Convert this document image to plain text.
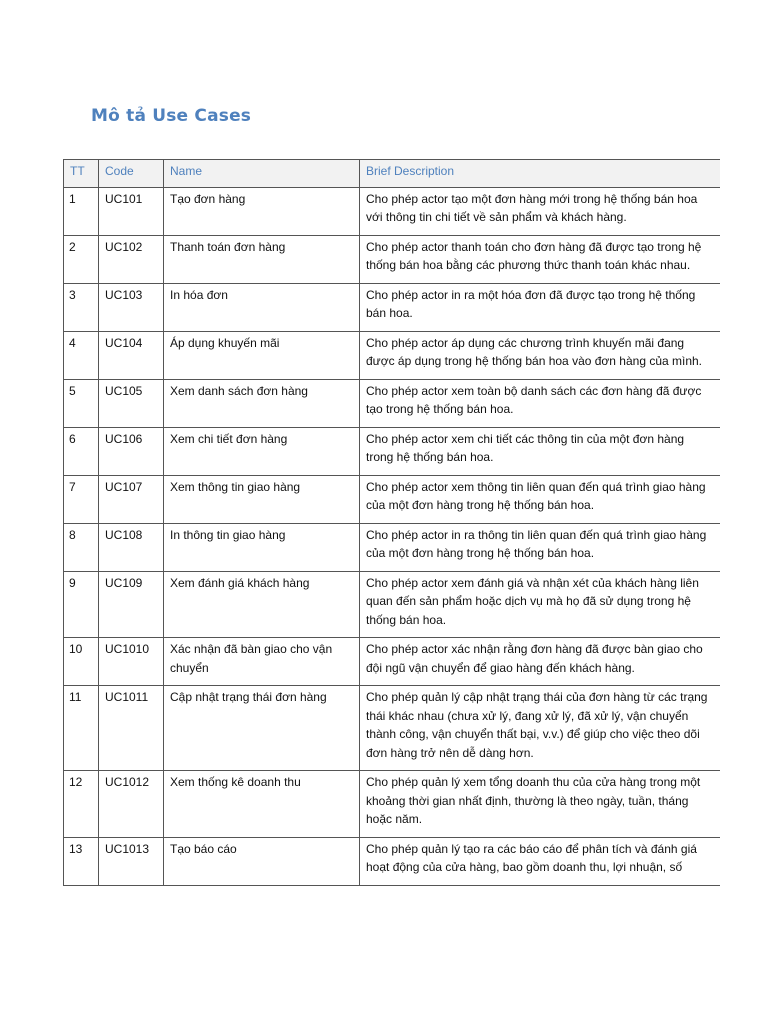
Mô tả Use Cases
TT	Code	Name	Brief Description
1	UC101	Tạo đơn hàng	Cho phép actor tạo một đơn hàng mới trong hệ thống bán hoa với thông tin chi tiết về sản phẩm và khách hàng.
2	UC102	Thanh toán đơn hàng	Cho phép actor thanh toán cho đơn hàng đã được tạo trong hệ thống bán hoa bằng các phương thức thanh toán khác nhau.
3	UC103	In hóa đơn	Cho phép actor in ra một hóa đơn đã được tạo trong hệ thống bán hoa.
4	UC104	Áp dụng khuyến mãi	Cho phép actor áp dụng các chương trình khuyến mãi đang được áp dụng trong hệ thống bán hoa vào đơn hàng của mình.
5	UC105	Xem danh sách đơn hàng	Cho phép actor xem toàn bộ danh sách các đơn hàng đã được tạo trong hệ thống bán hoa.
6	UC106	Xem chi tiết đơn hàng	Cho phép actor xem chi tiết các thông tin của một đơn hàng trong hệ thống bán hoa.
7	UC107	Xem thông tin giao hàng	Cho phép actor xem thông tin liên quan đến quá trình giao hàng của một đơn hàng trong hệ thống bán hoa.
8	UC108	In thông tin giao hàng	Cho phép actor in ra thông tin liên quan đến quá trình giao hàng của một đơn hàng trong hệ thống bán hoa.
9	UC109	Xem đánh giá khách hàng	Cho phép actor xem đánh giá và nhận xét của khách hàng liên quan đến sản phẩm hoặc dịch vụ mà họ đã sử dụng trong hệ thống bán hoa.
10	UC1010	Xác nhận đã bàn giao cho vận chuyển	Cho phép actor xác nhận rằng đơn hàng đã được bàn giao cho đội ngũ vận chuyển để giao hàng đến khách hàng.
11	UC1011	Cập nhật trạng thái đơn hàng	Cho phép quản lý cập nhật trạng thái của đơn hàng từ các trạng thái khác nhau (chưa xử lý, đang xử lý, đã xử lý, vận chuyển thành công, vận chuyển thất bại, v.v.) để giúp cho việc theo dõi đơn hàng trở nên dễ dàng hơn.
12	UC1012	Xem thống kê doanh thu	Cho phép quản lý xem tổng doanh thu của cửa hàng trong một khoảng thời gian nhất định, thường là theo ngày, tuần, tháng hoặc năm.
13	UC1013	Tạo báo cáo	Cho phép quản lý tạo ra các báo cáo để phân tích và đánh giá hoạt động của cửa hàng, bao gồm doanh thu, lợi nhuận, số
